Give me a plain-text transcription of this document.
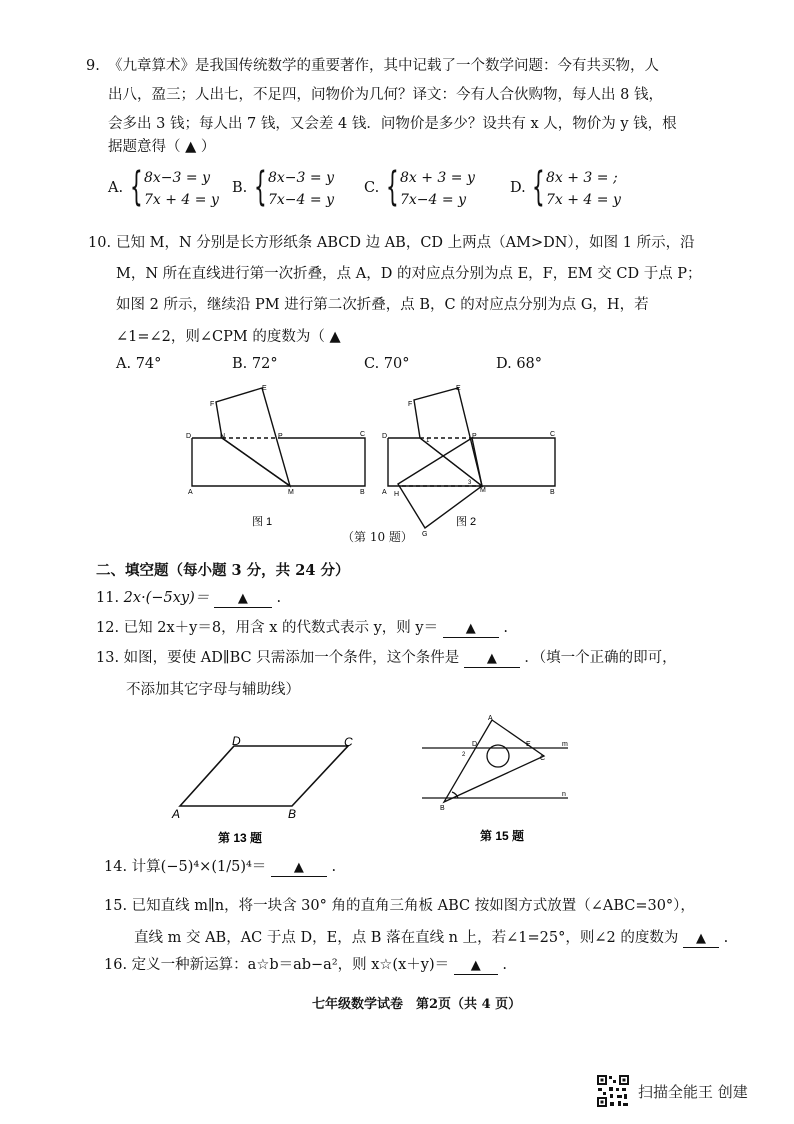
9. 《九章算术》是我国传统数学的重要著作，其中记载了一个数学问题：今有共买物，人
出八，盈三；人出七，不足四，问物价为几何？译文：今有人合伙购物，每人出 8 钱，
会多出 3 钱；每人出 7 钱，又会差 4 钱．问物价是多少？设共有 x 人，物价为 y 钱，根
据题意得（ ▲ ）
A. { 8x−3 = y
7x + 4 = y
B. { 8x−3 = y
7x−4 = y
C. { 8x + 3 = y
7x−4 = y
D. { 8x + 3 = ;
7x + 4 = y
10. 已知 M，N 分别是长方形纸条 ABCD 边 AB，CD 上两点（AM>DN），如图 1 所示，沿
M，N 所在直线进行第一次折叠，点 A，D 的对应点分别为点 E，F，EM 交 CD 于点 P；
如图 2 所示，继续沿 PM 进行第二次折叠，点 B，C 的对应点分别为点 G，H，若
∠1=∠2，则∠CPM 的度数为（ ▲
A. 74°	B. 72°	C. 70°	D. 68°
D	N	P	C
F
E
A	M	B
图 1
D	P	C
F
E
1
3
A	M	B
H
G
图 2
（第 10 题）
二、填空题（每小题 3 分，共 24 分）
11. 2x·(−5xy)＝ ▲ .
12. 已知 2x＋y＝8，用含 x 的代数式表示 y，则 y＝ ▲ .
13. 如图，要使 AD∥BC 只需添加一个条件，这个条件是 ▲ ．（填一个正确的即可，
不添加其它字母与辅助线）
A	B
C
D
第 13 题
A
B
C
D	E	m
n
2
第 15 题
14. 计算(−5)⁴×(1/5)⁴＝ ▲ .
15. 已知直线 m∥n，将一块含 30° 角的直角三角板 ABC 按如图方式放置（∠ABC=30°），
直线 m 交 AB，AC 于点 D，E，点 B 落在直线 n 上，若∠1=25°，则∠2 的度数为 ▲ .
16. 定义一种新运算：a☆b＝ab−a²，则 x☆(x＋y)＝ ▲ .
七年级数学试卷　第2页（共 4 页）
扫描全能王 创建
